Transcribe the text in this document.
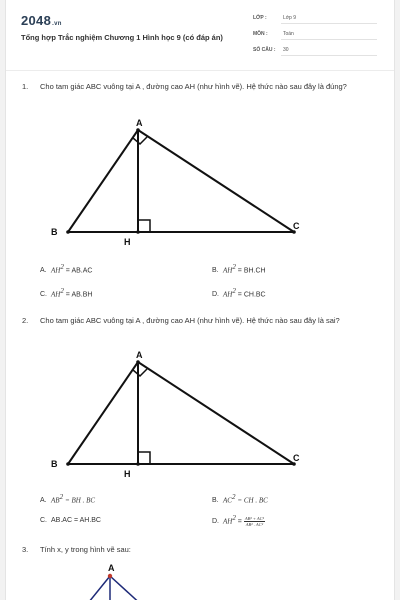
2048.vn
Tổng hợp Trắc nghiệm Chương 1 Hình học 9 (có đáp án)
LỚP :	Lớp 9
MÔN :	Toán
SỐ CÂU : 30
1. Cho tam giác ABC vuông tại A , đường cao AH (như hình vẽ). Hệ thức nào sau đây là đúng?
A
B
C
H
A. $AH^2 = AB.AC$	B. $AH^2 = BH.CH$
C. $AH^2 = AB.BH$	D. $AH^2 = CH.BC$
2. Cho tam giác ABC vuông tại A , đường cao AH (như hình vẽ). Hệ thức nào sau đây là sai?
A
B
C
H
A. $AB^2$ = BH . BC	B. $AC^2$ = CH . BC
C. AB.AC = AH.BC	D. $AH^2 = \frac{\text{AB² + AC²}}{\text{AB² . AC²}}$
3. Tính x, y trong hình vẽ sau:
A
